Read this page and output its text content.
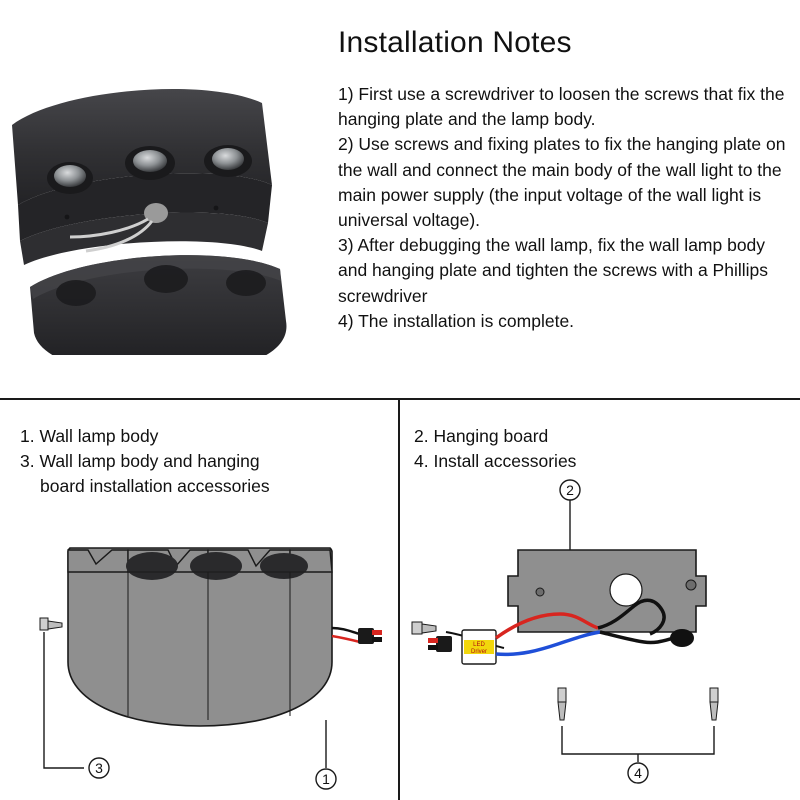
Installation Notes

1) First use a screwdriver to loosen the screws that fix the hanging plate and the lamp body.

2) Use screws and fixing plates to fix the hanging plate on the wall and connect the main body of the wall light to the main power supply (the input voltage of the wall light is universal voltage).

3) After debugging the wall lamp, fix the wall lamp body and hanging plate and tighten the screws with a Phillips screwdriver

4) The installation is complete.

1. Wall lamp body
3. Wall lamp body and hanging
board installation accessories
1
3
2. Hanging board
4. Install accessories
2
LED
Driver
4
